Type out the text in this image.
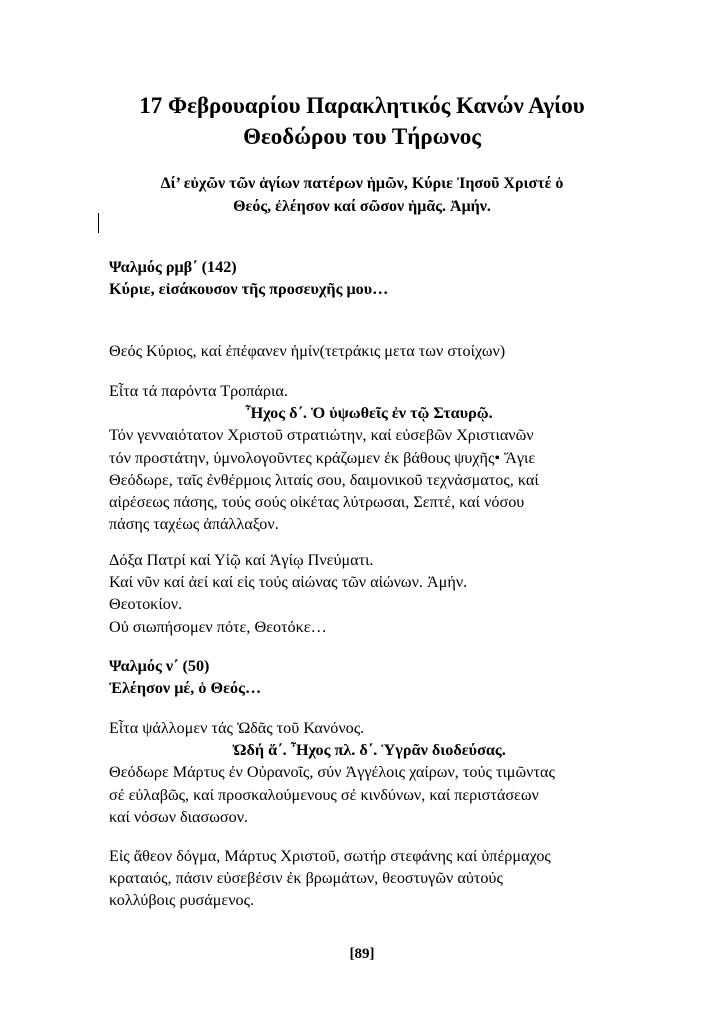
17 Φεβρουαρίου Παρακλητικός Κανών Αγίου
Θεοδώρου του Τήρωνος
Δί’ εὐχῶν τῶν ἁγίων πατέρων ἡμῶν, Κύριε Ἰησοῦ Χριστέ ὁ
Θεός, ἐλέησον καί σῶσον ἡμᾶς. Ἀμήν.
Ψαλμός ρμβ΄ (142)
Κύριε, εἰσάκουσον τῆς προσευχῆς μου…
Θεός Κύριος, καί ἐπέφανεν ἡμίν(τετράκις μετα των στοίχων)
Εἶτα τά παρόντα Τροπάρια.
Ἦχος δ΄. Ὁ ὑψωθεῖς ἐν τῷ Σταυρῷ.
Τόν γενναιότατον Χριστοῦ στρατιώτην, καί εὐσεβῶν Χριστιανῶν
τόν προστάτην, ὑμνολογοῦντες κράζωμεν ἐκ βάθους ψυχῆς• Ἅγιε
Θεόδωρε, ταῖς ἐνθέρμοις λιταίς σου, δαιμονικοῦ τεχνάσματος, καί
αἱρέσεως πάσης, τούς σούς οἰκέτας λύτρωσαι, Σεπτέ, καί νόσου
πάσης ταχέως ἀπάλλαξον.
Δόξα Πατρί καί Υἱῷ καί Ἁγίῳ Πνεύματι.
Καί νῦν καί ἀεί καί εἰς τούς αἰώνας τῶν αἰώνων. Ἀμήν.
Θεοτοκίον.
Οὐ σιωπήσομεν πότε, Θεοτόκε…
Ψαλμός ν΄ (50)
Ἐλέησον μέ, ὁ Θεός…
Εἶτα ψάλλομεν τάς Ὠδᾶς τοῦ Κανόνος.
Ὠδή ἅ΄. Ἦχος πλ. δ΄. Ὑγρᾶν διοδεύσας.
Θεόδωρε Μάρτυς ἐν Οὐρανοῖς, σύν Ἀγγέλοις χαίρων, τούς τιμῶντας
σέ εὐλαβῶς, καί προσκαλούμενους σέ κινδύνων, καί περιστάσεων
καί νόσων διασωσον.
Εἰς ἄθεον δόγμα, Μάρτυς Χριστοῦ, σωτήρ στεφάνης καί ὑπέρμαχος
κραταιός, πάσιν εὐσεβέσιν ἐκ βρωμάτων, θεοστυγῶν αὐτούς
κολλύβοις ρυσάμενος.
[89]
